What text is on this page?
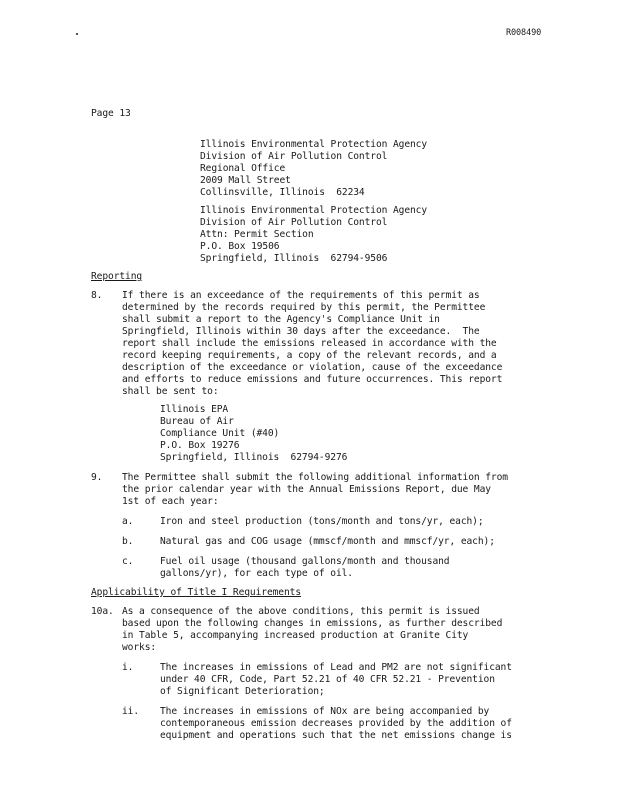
R008490
Page 13
Illinois Environmental Protection Agency
Division of Air Pollution Control
Regional Office
2009 Mall Street
Collinsville, Illinois  62234
Illinois Environmental Protection Agency
Division of Air Pollution Control
Attn: Permit Section
P.O. Box 19506
Springfield, Illinois  62794-9506
Reporting
8. If there is an exceedance of the requirements of this permit as
determined by the records required by this permit, the Permittee
shall submit a report to the Agency's Compliance Unit in
Springfield, Illinois within 30 days after the exceedance.  The
report shall include the emissions released in accordance with the
record keeping requirements, a copy of the relevant records, and a
description of the exceedance or violation, cause of the exceedance
and efforts to reduce emissions and future occurrences. This report
shall be sent to:
Illinois EPA
Bureau of Air
Compliance Unit (#40)
P.O. Box 19276
Springfield, Illinois  62794-9276
9. The Permittee shall submit the following additional information from
the prior calendar year with the Annual Emissions Report, due May
1st of each year:
a.	Iron and steel production (tons/month and tons/yr, each);
b.	Natural gas and COG usage (mmscf/month and mmscf/yr, each);
c.	Fuel oil usage (thousand gallons/month and thousand
gallons/yr), for each type of oil.
Applicability of Title I Requirements
10a. As a consequence of the above conditions, this permit is issued
based upon the following changes in emissions, as further described
in Table 5, accompanying increased production at Granite City
works:
i.	The increases in emissions of Lead and PM2 are not significant
under 40 CFR, Code, Part 52.21 of 40 CFR 52.21 - Prevention
of Significant Deterioration;
ii. The increases in emissions of NOx are being accompanied by
contemporaneous emission decreases provided by the addition of
equipment and operations such that the net emissions change is
